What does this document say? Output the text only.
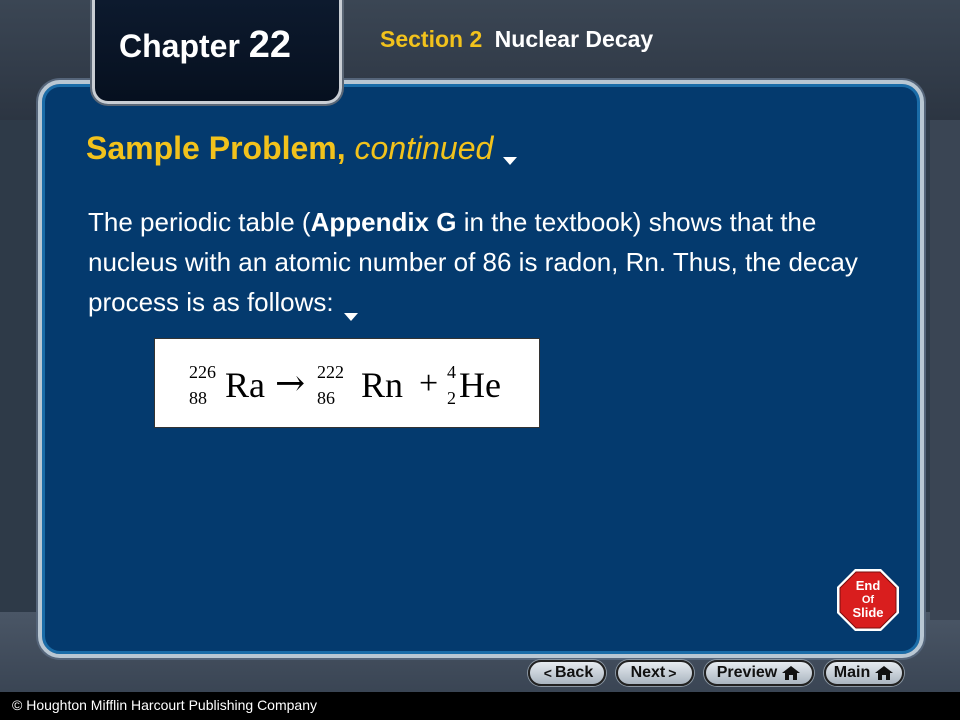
Chapter 22	Section 2 Nuclear Decay
Sample Problem, continued
The periodic table (Appendix G in the textbook) shows that the nucleus with an atomic number of 86 is radon, Rn. Thus, the decay process is as follows:
226
88 Ra → 222
86 Rn + 4
2 He
End
Of
Slide
< Back Next >	Preview	Main
© Houghton Mifflin Harcourt Publishing Company
